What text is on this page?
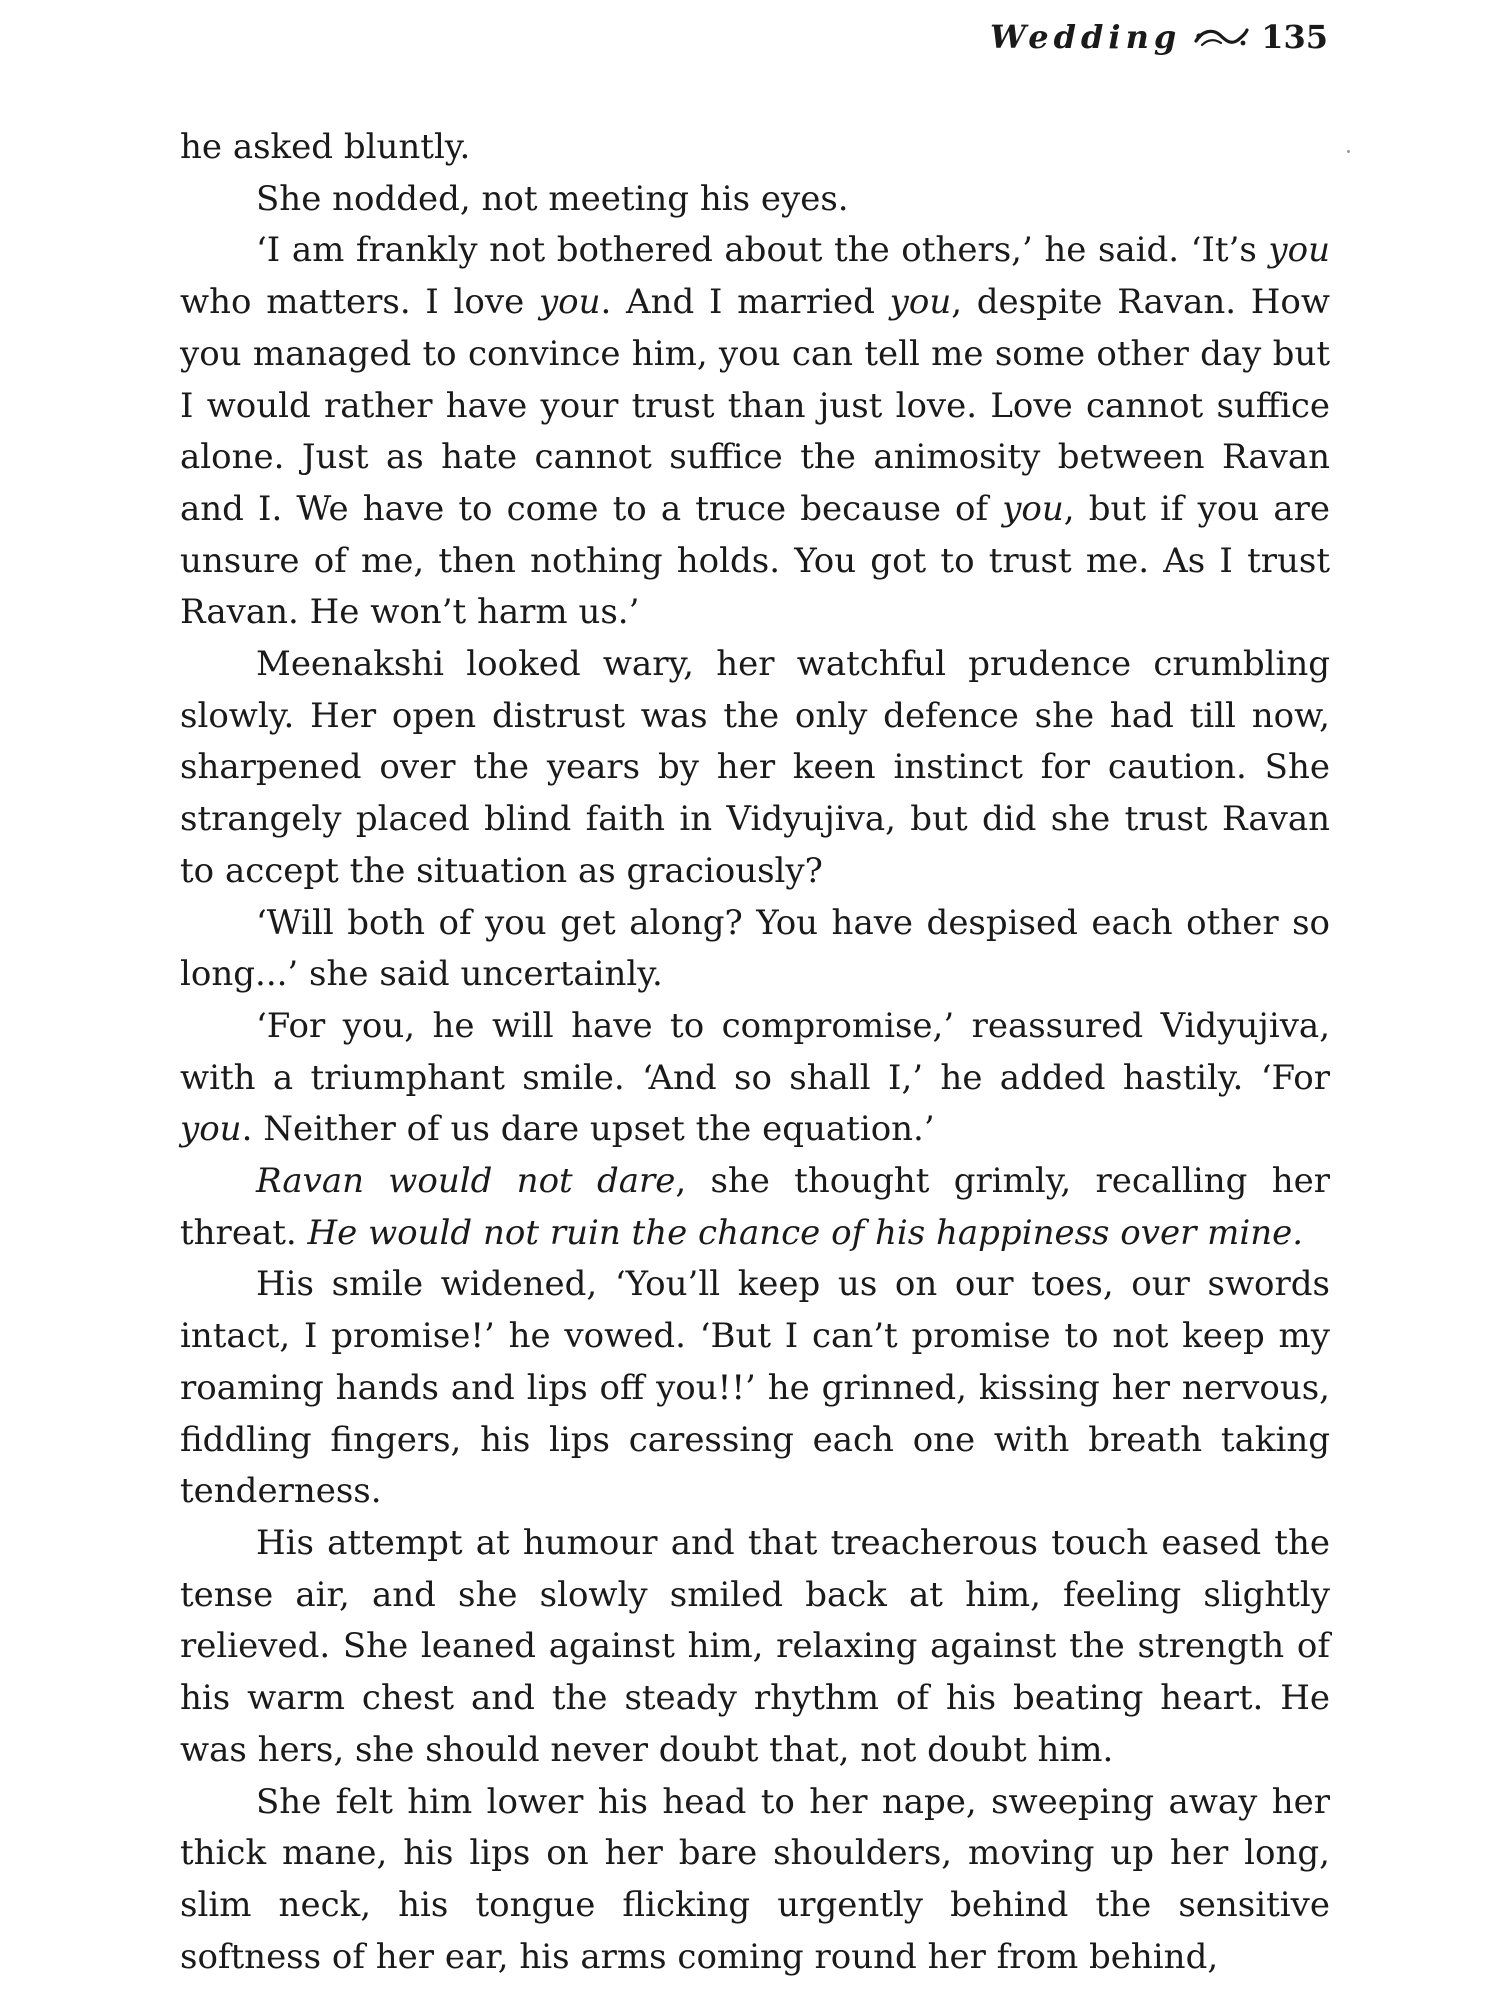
Wedding	135

he asked bluntly.

She nodded, not meeting his eyes.

‘I am frankly not bothered about the others,’ he said. ‘It’s you who matters. I love you. And I married you, despite Ravan. How you managed to convince him, you can tell me some other day but I would rather have your trust than just love. Love cannot suffice alone. Just as hate cannot suffice the animosity between Ravan and I. We have to come to a truce because of you, but if you are unsure of me, then nothing holds. You got to trust me. As I trust Ravan. He won’t harm us.’

Meenakshi looked wary, her watchful prudence crumbling slowly. Her open distrust was the only defence she had till now, sharpened over the years by her keen instinct for caution. She strangely placed blind faith in Vidyujiva, but did she trust Ravan to accept the situation as graciously?

‘Will both of you get along? You have despised each other so long...’ she said uncertainly.

‘For you, he will have to compromise,’ reassured Vidyujiva, with a triumphant smile. ‘And so shall I,’ he added hastily. ‘For you. Neither of us dare upset the equation.’

Ravan would not dare, she thought grimly, recalling her threat. He would not ruin the chance of his happiness over mine.

His smile widened, ‘You’ll keep us on our toes, our swords intact, I promise!’ he vowed. ‘But I can’t promise to not keep my roaming hands and lips off you!!’ he grinned, kissing her nervous, fiddling fingers, his lips caressing each one with breath taking tenderness.

His attempt at humour and that treacherous touch eased the tense air, and she slowly smiled back at him, feeling slightly relieved. She leaned against him, relaxing against the strength of his warm chest and the steady rhythm of his beating heart. He was hers, she should never doubt that, not doubt him.

She felt him lower his head to her nape, sweeping away her thick mane, his lips on her bare shoulders, moving up her long, slim neck, his tongue flicking urgently behind the sensitive softness of her ear, his arms coming round her from behind,
